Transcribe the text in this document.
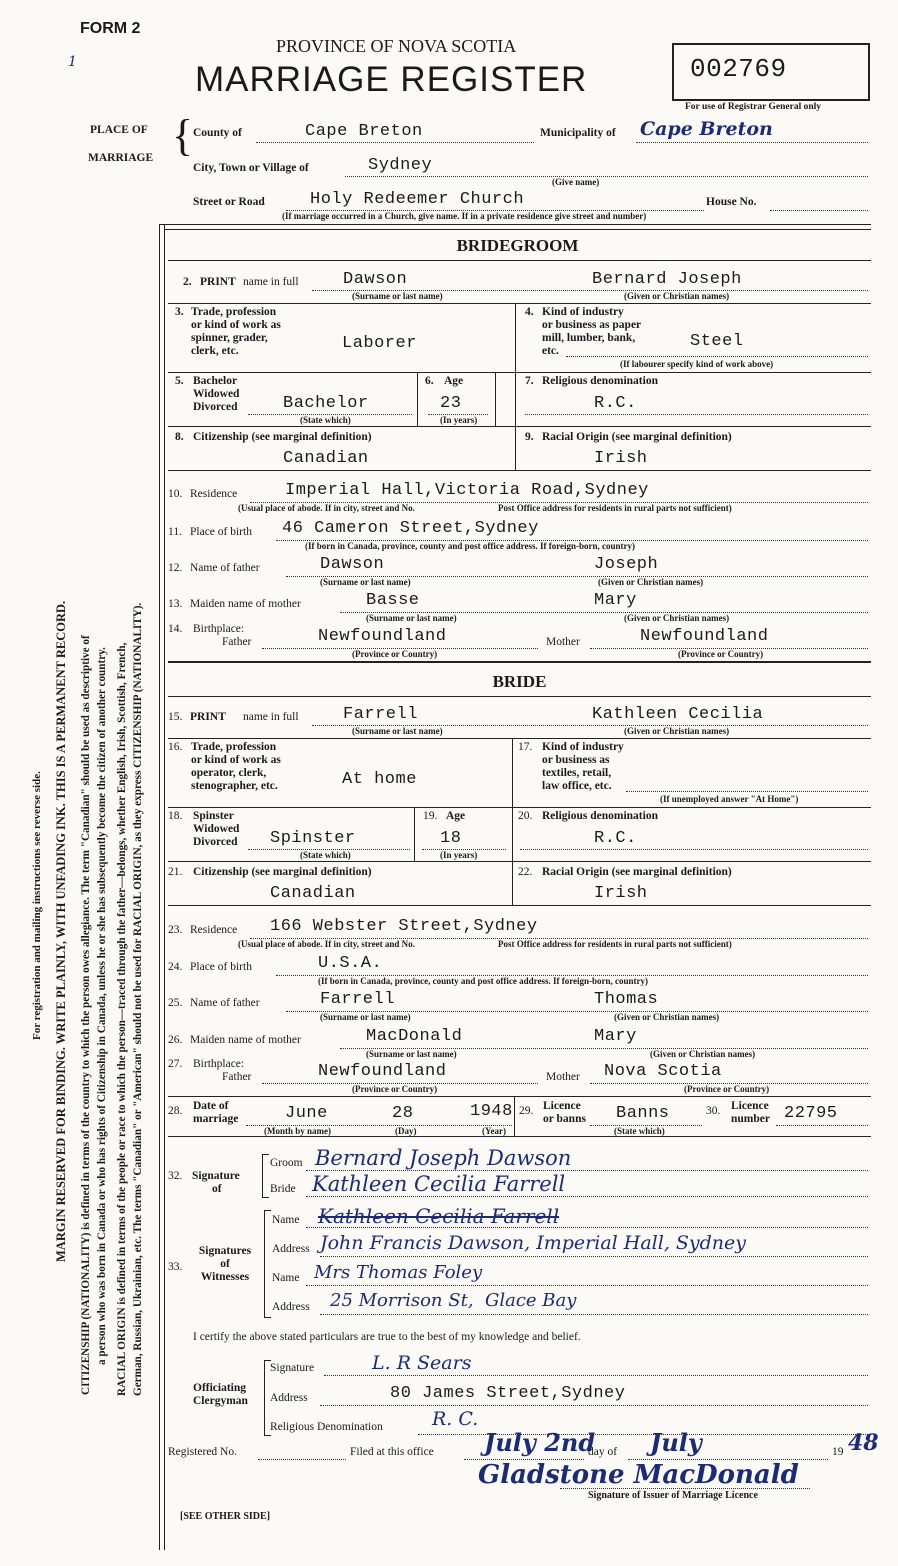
FORM 2
1
PROVINCE OF NOVA SCOTIA
MARRIAGE REGISTER	002769
For use of Registrar General only
PLACE OF
MARRIAGE { County of	Cape Breton	Municipality of Cape Breton
City, Town or Village of	Sydney
(Give name)
Street or Road	Holy Redeemer Church	House No.
(If marriage occurred in a Church, give name. If in a private residence give street and number)
For registration and mailing instructions see reverse side. MARGIN RESERVED FOR BINDING. WRITE PLAINLY, WITH UNFADING INK. THIS IS A PERMANENT RECORD. CITIZENSHIP (NATIONALITY) is defined in terms of the country to which the person owes allegiance. The term "Canadian" should be used as descriptive of a person who was born in Canada or who has rights of Citizenship in Canada, unless he or she has subsequently become the citizen of another country. RACIAL ORIGIN is defined in terms of the people or race to which the person—traced through the father—belongs, whether English, Irish, Scottish, French, German, Russian, Ukrainian, etc. The terms "Canadian" or "American" should not be used for RACIAL ORIGIN, as they express CITIZENSHIP (NATIONALITY).
BRIDEGROOM
2. PRINT name in full	Dawson	Bernard Joseph
(Surname or last name)	(Given or Christian names)
3. Trade, profession
or kind of work as
spinner, grader,
clerk, etc.	Laborer
4. Kind of industry
or business as paper
mill, lumber, bank,
etc.	Steel
(If labourer specify kind of work above)
5. Bachelor
Widowed
Divorced	Bachelor
(State which)
6. Age
23
(In years)
7. Religious denomination
R.C.
8. Citizenship (see marginal definition)
Canadian
9. Racial Origin (see marginal definition)
Irish
10. Residence	Imperial Hall,Victoria Road,Sydney
(Usual place of abode. If in city, street and No.	Post Office address for residents in rural parts not sufficient)
11. Place of birth 46 Cameron Street,Sydney
(If born in Canada, province, county and post office address. If foreign-born, country)
12. Name of father	Dawson	Joseph
(Surname or last name)	(Given or Christian names)
13. Maiden name of mother	Basse	Mary
(Surname or last name)	(Given or Christian names)
14. Birthplace:
Father	Newfoundland	Mother	Newfoundland
(Province or Country)	(Province or Country)
BRIDE
15. PRINT name in full	Farrell	Kathleen Cecilia
(Surname or last name)	(Given or Christian names)
16. Trade, profession
or kind of work as
operator, clerk,
stenographer, etc.	At home
17. Kind of industry
or business as
textiles, retail,
law office, etc.
(If unemployed answer "At Home")
18. Spinster
Widowed
Divorced Spinster
(State which)
19. Age
18
(In years)
20. Religious denomination
R.C.
21. Citizenship (see marginal definition)
Canadian
22. Racial Origin (see marginal definition)
Irish
23. Residence 166 Webster Street,Sydney
(Usual place of abode. If in city, street and No.	Post Office address for residents in rural parts not sufficient)
24. Place of birth	U.S.A.
(If born in Canada, province, county and post office address. If foreign-born, country)
25. Name of father	Farrell	Thomas
(Surname or last name)	(Given or Christian names)
26. Maiden name of mother	MacDonald	Mary
(Surname or last name)	(Given or Christian names)
27. Birthplace:
Father	Newfoundland	Mother Nova Scotia
(Province or Country)	(Province or Country)
28. Date of
marriage	June	28	1948
(Month by name)	(Day)	(Year)
29. Licence
or banns Banns
(State which)
30. Licence
number 22795
32. Signature
of
Groom Bernard Joseph Dawson
Bride Kathleen Cecilia Farrell
33.
Signatures
of
Witnesses
Name Kathleen Cecilia Farrell
Address John Francis Dawson, Imperial Hall, Sydney
Name Mrs Thomas Foley
Address 25 Morrison St,  Glace Bay
I certify the above stated particulars are true to the best of my knowledge and belief.
Officiating
Clergyman
Signature	L. R Sears
Address	80 James Street,Sydney
Religious Denomination	R. C.
Registered No.	Filed at this office July 2nd
day of July	19 48
Gladstone MacDonald
Signature of Issuer of Marriage Licence
[SEE OTHER SIDE]
